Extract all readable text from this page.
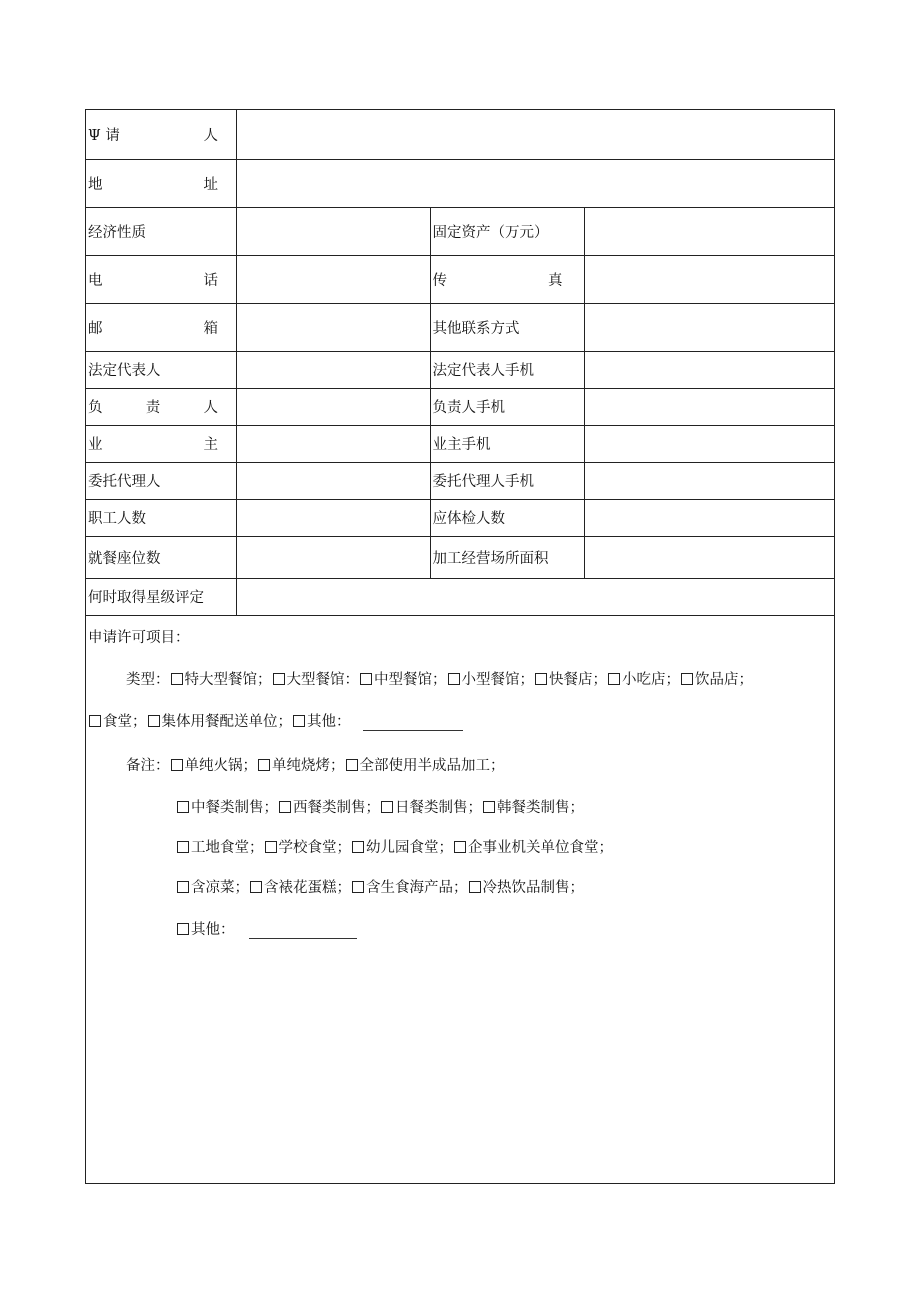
Ψ 请 人			

地 址			

经济性质		固定资产（万元）	

电 话		传 真	

邮 箱		其他联系方式	
法定代表人		法定代表人手机	

负 责 人		负责人手机	

业 主		业主手机	
委托代理人		委托代理人手机	
职工人数		应体检人数	
就餐座位数		加工经营场所面积	
何时取得星级评定			
申请许可项目：
类型： 特大型餐馆； 大型餐馆： 中型餐馆； 小型餐馆； 快餐店； 小吃店； 饮品店；
食堂； 集体用餐配送单位； 其他：
备注： 单纯火锅； 单纯烧烤； 全部使用半成品加工；
中餐类制售； 西餐类制售； 日餐类制售； 韩餐类制售；
工地食堂； 学校食堂； 幼儿园食堂； 企事业机关单位食堂；
含凉菜； 含裱花蛋糕； 含生食海产品； 冷热饮品制售；
其他：
